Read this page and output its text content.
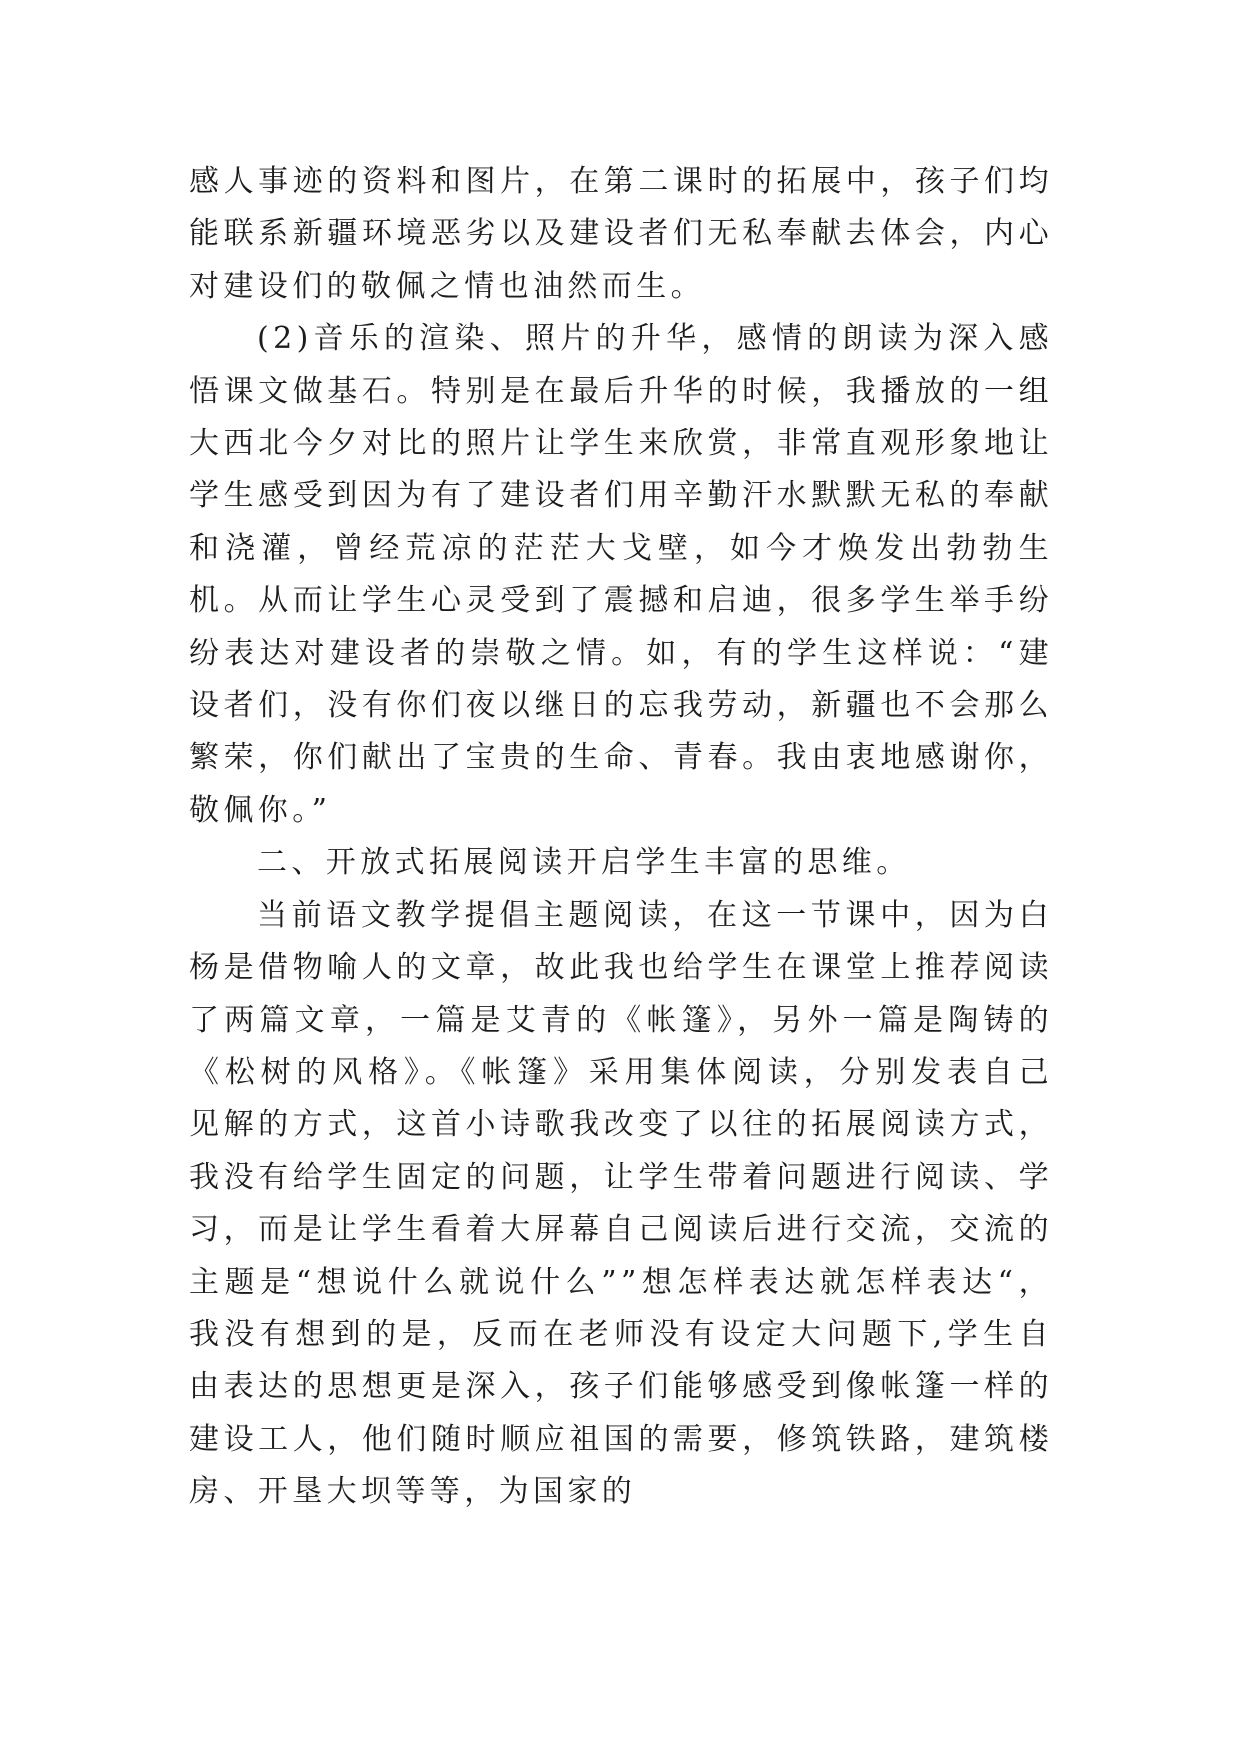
感人事迹的资料和图片，在第二课时的拓展中，孩子们均能联系新疆环境恶劣以及建设者们无私奉献去体会，内心对建设们的敬佩之情也油然而生。

(2)音乐的渲染、照片的升华，感情的朗读为深入感悟课文做基石。特别是在最后升华的时候，我播放的一组大西北今夕对比的照片让学生来欣赏，非常直观形象地让学生感受到因为有了建设者们用辛勤汗水默默无私的奉献和浇灌，曾经荒凉的茫茫大戈壁，如今才焕发出勃勃生机。从而让学生心灵受到了震撼和启迪，很多学生举手纷纷表达对建设者的崇敬之情。如，有的学生这样说：“建设者们，没有你们夜以继日的忘我劳动，新疆也不会那么繁荣，你们献出了宝贵的生命、青春。我由衷地感谢你，敬佩你。”

二、开放式拓展阅读开启学生丰富的思维。

当前语文教学提倡主题阅读，在这一节课中，因为白杨是借物喻人的文章，故此我也给学生在课堂上推荐阅读了两篇文章，一篇是艾青的《帐篷》，另外一篇是陶铸的《松树的风格》。《帐篷》采用集体阅读，分别发表自己见解的方式，这首小诗歌我改变了以往的拓展阅读方式，我没有给学生固定的问题，让学生带着问题进行阅读、学习，而是让学生看着大屏幕自己阅读后进行交流，交流的主题是“想说什么就说什么””想怎样表达就怎样表达“，我没有想到的是，反而在老师没有设定大问题下,学生自由表达的思想更是深入，孩子们能够感受到像帐篷一样的建设工人，他们随时顺应祖国的需要，修筑铁路，建筑楼房、开垦大坝等等，为国家的
